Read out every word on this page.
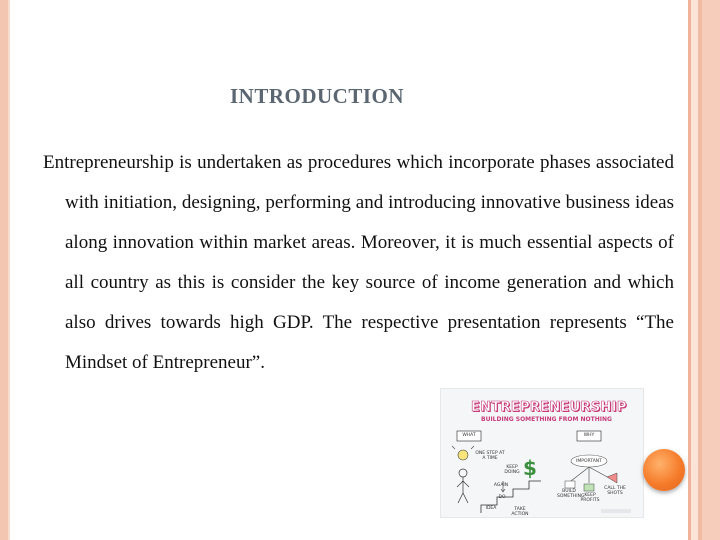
INTRODUCTION

Entrepreneurship is undertaken as procedures which incorporate phases associated with initiation, designing, performing and introducing innovative business ideas along innovation within market areas. Moreover, it is much essential aspects of all country as this is consider the key source of income generation and which also drives towards high GDP. The respective presentation represents “The Mindset of Entrepreneur”.

$
ENTREPRENEURSHIP
BUILDING SOMETHING FROM NOTHING
WHAT	WHY
ONE STEP AT A TIME
KEEP DOING
AGAIN
DO
IDEA	TAKE ACTION
IMPORTANT
BUILD SOMETHING KEEP PROFITS
CALL THE SHOTS
